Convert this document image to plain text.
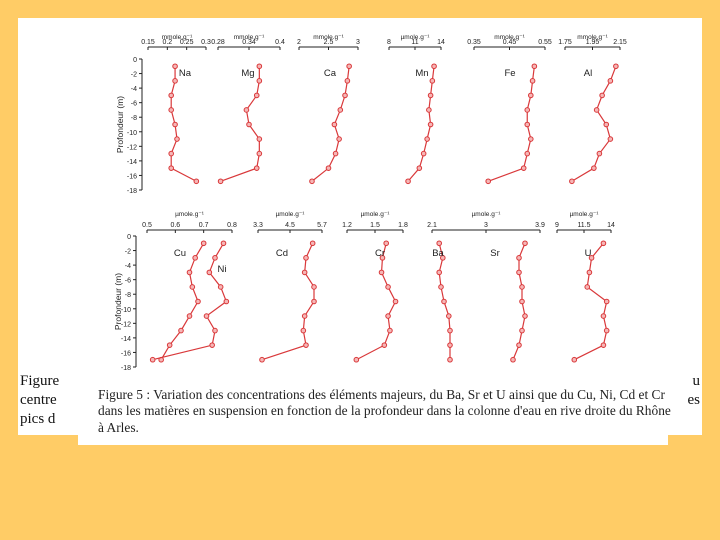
Figure	u
centre	es
pics d
0
-2
-4
-6
-8
-10
-12
-14
-16
-18
Profondeur (m)
0.15 0.2 0.25 0.3
mmole.g⁻¹
Na
0.28 0.34	0.4
mmole.g⁻¹
Mg
2	2.5	3
mmole.g⁻¹
Ca
8	11	14
µmole.g⁻¹
Mn
0.35	0.45	0.55
mmole.g⁻¹
Fe
1.75 1.95 2.15
mmole.g⁻¹
Al
0
-2
-4
-6
-8
-10
-12
-14
-16
-18
Profondeur (m)
0.5	0.6	0.7	0.8
µmole.g⁻¹
Cu
Ni
3.3	4.5	5.7
µmole.g⁻¹
Cd
1.2	1.5	1.8
µmole.g⁻¹
Cr
2.1	3	3.9
µmole.g⁻¹
Ba	Sr
9	11.5 14
µmole.g⁻¹
U
Figure 5 : Variation des concentrations des éléments majeurs, du Ba, Sr et U ainsi que du Cu, Ni, Cd et Cr dans les matières en suspension en fonction de la profondeur dans la colonne d'eau en rive droite du Rhône à Arles.
